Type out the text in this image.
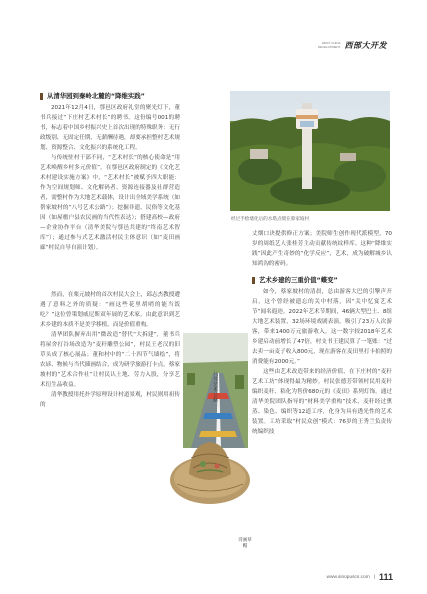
WEST CHINA
DEVELOPMENT 西部大开发
从清华园到秦岭北麓的“降维实践”

2021年12月4日，鄠邑区政府礼堂的聚光灯下，董书兵接过“下庄村艺术村长”的聘书。这份编号001的聘书，标志着中国乡村振兴史上首次出现的特殊职务：无行政级别、无固定任期、无薪酬待遇，却要承担整村艺术规划、资源整合、文化振兴的系统化工程。

与传统驻村干部不同，“艺术村长”的核心使命是“用艺术唤醒乡村多元价值”。在鄠邑区政府制定的《文化艺术村建设实施方案》中，“艺术村长”被赋予四大职能：作为空间规划师、文化解码者、资源连接器及社群营造者，需整村作为大地艺术载体，设计出全域美学系统（如帮家坡村的“八号艺术公路”）；挖掘非遗、民俗等文化基因（如屋檐户县农民画的当代性表达）；搭建高校—政府—企业协作平台（清华美院与鄠邑共建的“终南艺术智库”）；通过参与式艺术激活村民主体意识（如“麦田画廊”村民自导自演计划）。

然而，在栗元坡村的首次村民大会上，邱志杰教授遭遇了意料之外的质疑：“画这些花里胡哨的能当饭吃？”这位曾策划威尼斯双年展的艺术家，由此意识到艺术乡建的本质不是美学移植，而是价值重构。

清华团队摒弃出用“微改造”替代“大拆建”，董书兵将屋舍打谷场改造为“麦秆雕塑公园”，村民王老汉的旧草头成了核心展品；董和村中的“二十四节气墙绘”，将农谚、物候与当代插画结合，成为研学旅游打卡点。蔡家坡村的“艺术合作社”让村民认土地、劳力入股，分享艺术衍生品收益。

清华教授用托扑学原理设计村道景观，村民则用祖传的

经过手绘墙化后的水塔点缀在蔡家坡村

丈烟口诀提供修正方案；美院师生创作现代派模型，70岁的周纸艺人张桂芳主动贡献传统纹样库。这种“降维实践”因此产生奇妙的“化学反应”，艺术，成为破解城乡认知鸿沟的密码。

艺术乡建的三重价值“蝶变”

如今，蔡家坡村的清晨，总由游客大巴的引擎声开启，这个曾经被遗忘的关中村落，因“关中忆宴艺术节”闻名遐迩。2022年艺术节期间，46辆大型巴士、8组大地艺术装置，32场环境戏剧表演，吸引了23万人次游客，带来1400万元旅游收入。这一数字较2018年艺术乡建启动前增长了47倍，村支书王建民算了一笔账：“过去卖一亩麦子收入800元，现在游客在麦田里打卡拍照的消费能有2000元。”

这些由艺术改造带来的经济价值，在下庄村的“麦秆艺术工坊”体现得最为精妙。村民张德芳带领村民用麦秆编织麦秆、秸化为售价680元的《麦田》系列灯饰。通过清华美院团队指导的“材料美学重构”技术，麦秆经过熏蒸、染色、编织等12道工序，化身为具有透光性的艺术装置。工坊采取“村民众创”模式：76岁的王秀兰负责传统编织技

八号艺术公路
诗画草帽
www.sinopuscs.com | 111
